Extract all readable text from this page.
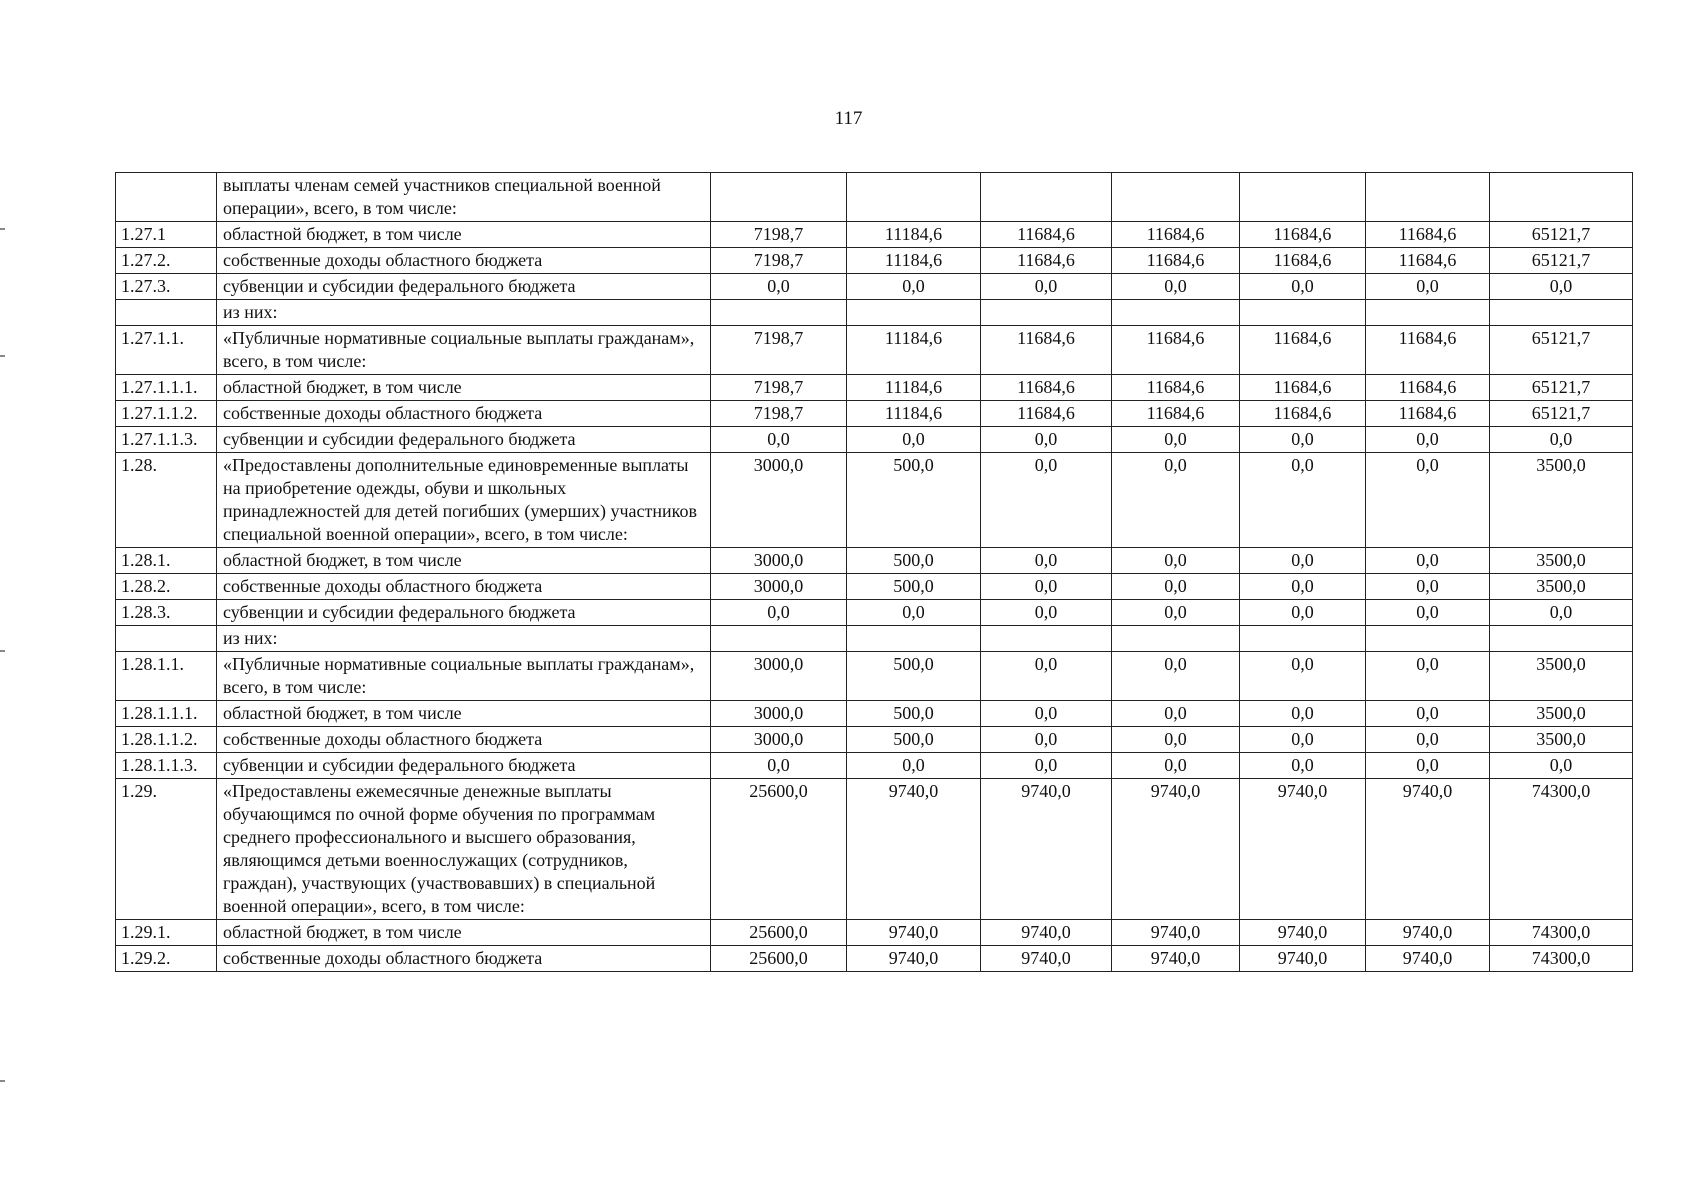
117
	выплаты членам семей участников специальной военной операции», всего, в том числе:							
1.27.1	областной бюджет, в том числе	7198,7	11184,6	11684,6	11684,6	11684,6	11684,6	65121,7
1.27.2.	собственные доходы областного бюджета	7198,7	11184,6	11684,6	11684,6	11684,6	11684,6	65121,7
1.27.3.	субвенции и субсидии федерального бюджета	0,0	0,0	0,0	0,0	0,0	0,0	0,0
	из них:							
1.27.1.1.	«Публичные нормативные социальные выплаты гражданам», всего, в том числе:	7198,7	11184,6	11684,6	11684,6	11684,6	11684,6	65121,7
1.27.1.1.1.	областной бюджет, в том числе	7198,7	11184,6	11684,6	11684,6	11684,6	11684,6	65121,7
1.27.1.1.2.	собственные доходы областного бюджета	7198,7	11184,6	11684,6	11684,6	11684,6	11684,6	65121,7
1.27.1.1.3.	субвенции и субсидии федерального бюджета	0,0	0,0	0,0	0,0	0,0	0,0	0,0
1.28.	«Предоставлены дополнительные единовременные выплаты на приобретение одежды, обуви и школьных принадлежностей для детей погибших (умерших) участников специальной военной операции», всего, в том числе:	3000,0	500,0	0,0	0,0	0,0	0,0	3500,0
1.28.1.	областной бюджет, в том числе	3000,0	500,0	0,0	0,0	0,0	0,0	3500,0
1.28.2.	собственные доходы областного бюджета	3000,0	500,0	0,0	0,0	0,0	0,0	3500,0
1.28.3.	субвенции и субсидии федерального бюджета	0,0	0,0	0,0	0,0	0,0	0,0	0,0
	из них:							
1.28.1.1.	«Публичные нормативные социальные выплаты гражданам», всего, в том числе:	3000,0	500,0	0,0	0,0	0,0	0,0	3500,0
1.28.1.1.1.	областной бюджет, в том числе	3000,0	500,0	0,0	0,0	0,0	0,0	3500,0
1.28.1.1.2.	собственные доходы областного бюджета	3000,0	500,0	0,0	0,0	0,0	0,0	3500,0
1.28.1.1.3.	субвенции и субсидии федерального бюджета	0,0	0,0	0,0	0,0	0,0	0,0	0,0
1.29.	«Предоставлены ежемесячные денежные выплаты обучающимся по очной форме обучения по программам среднего профессионального и высшего образования, являющимся детьми военнослужащих (сотрудников, граждан), участвующих (участвовавших) в специальной военной операции», всего, в том числе:	25600,0	9740,0	9740,0	9740,0	9740,0	9740,0	74300,0
1.29.1.	областной бюджет, в том числе	25600,0	9740,0	9740,0	9740,0	9740,0	9740,0	74300,0
1.29.2.	собственные доходы областного бюджета	25600,0	9740,0	9740,0	9740,0	9740,0	9740,0	74300,0
